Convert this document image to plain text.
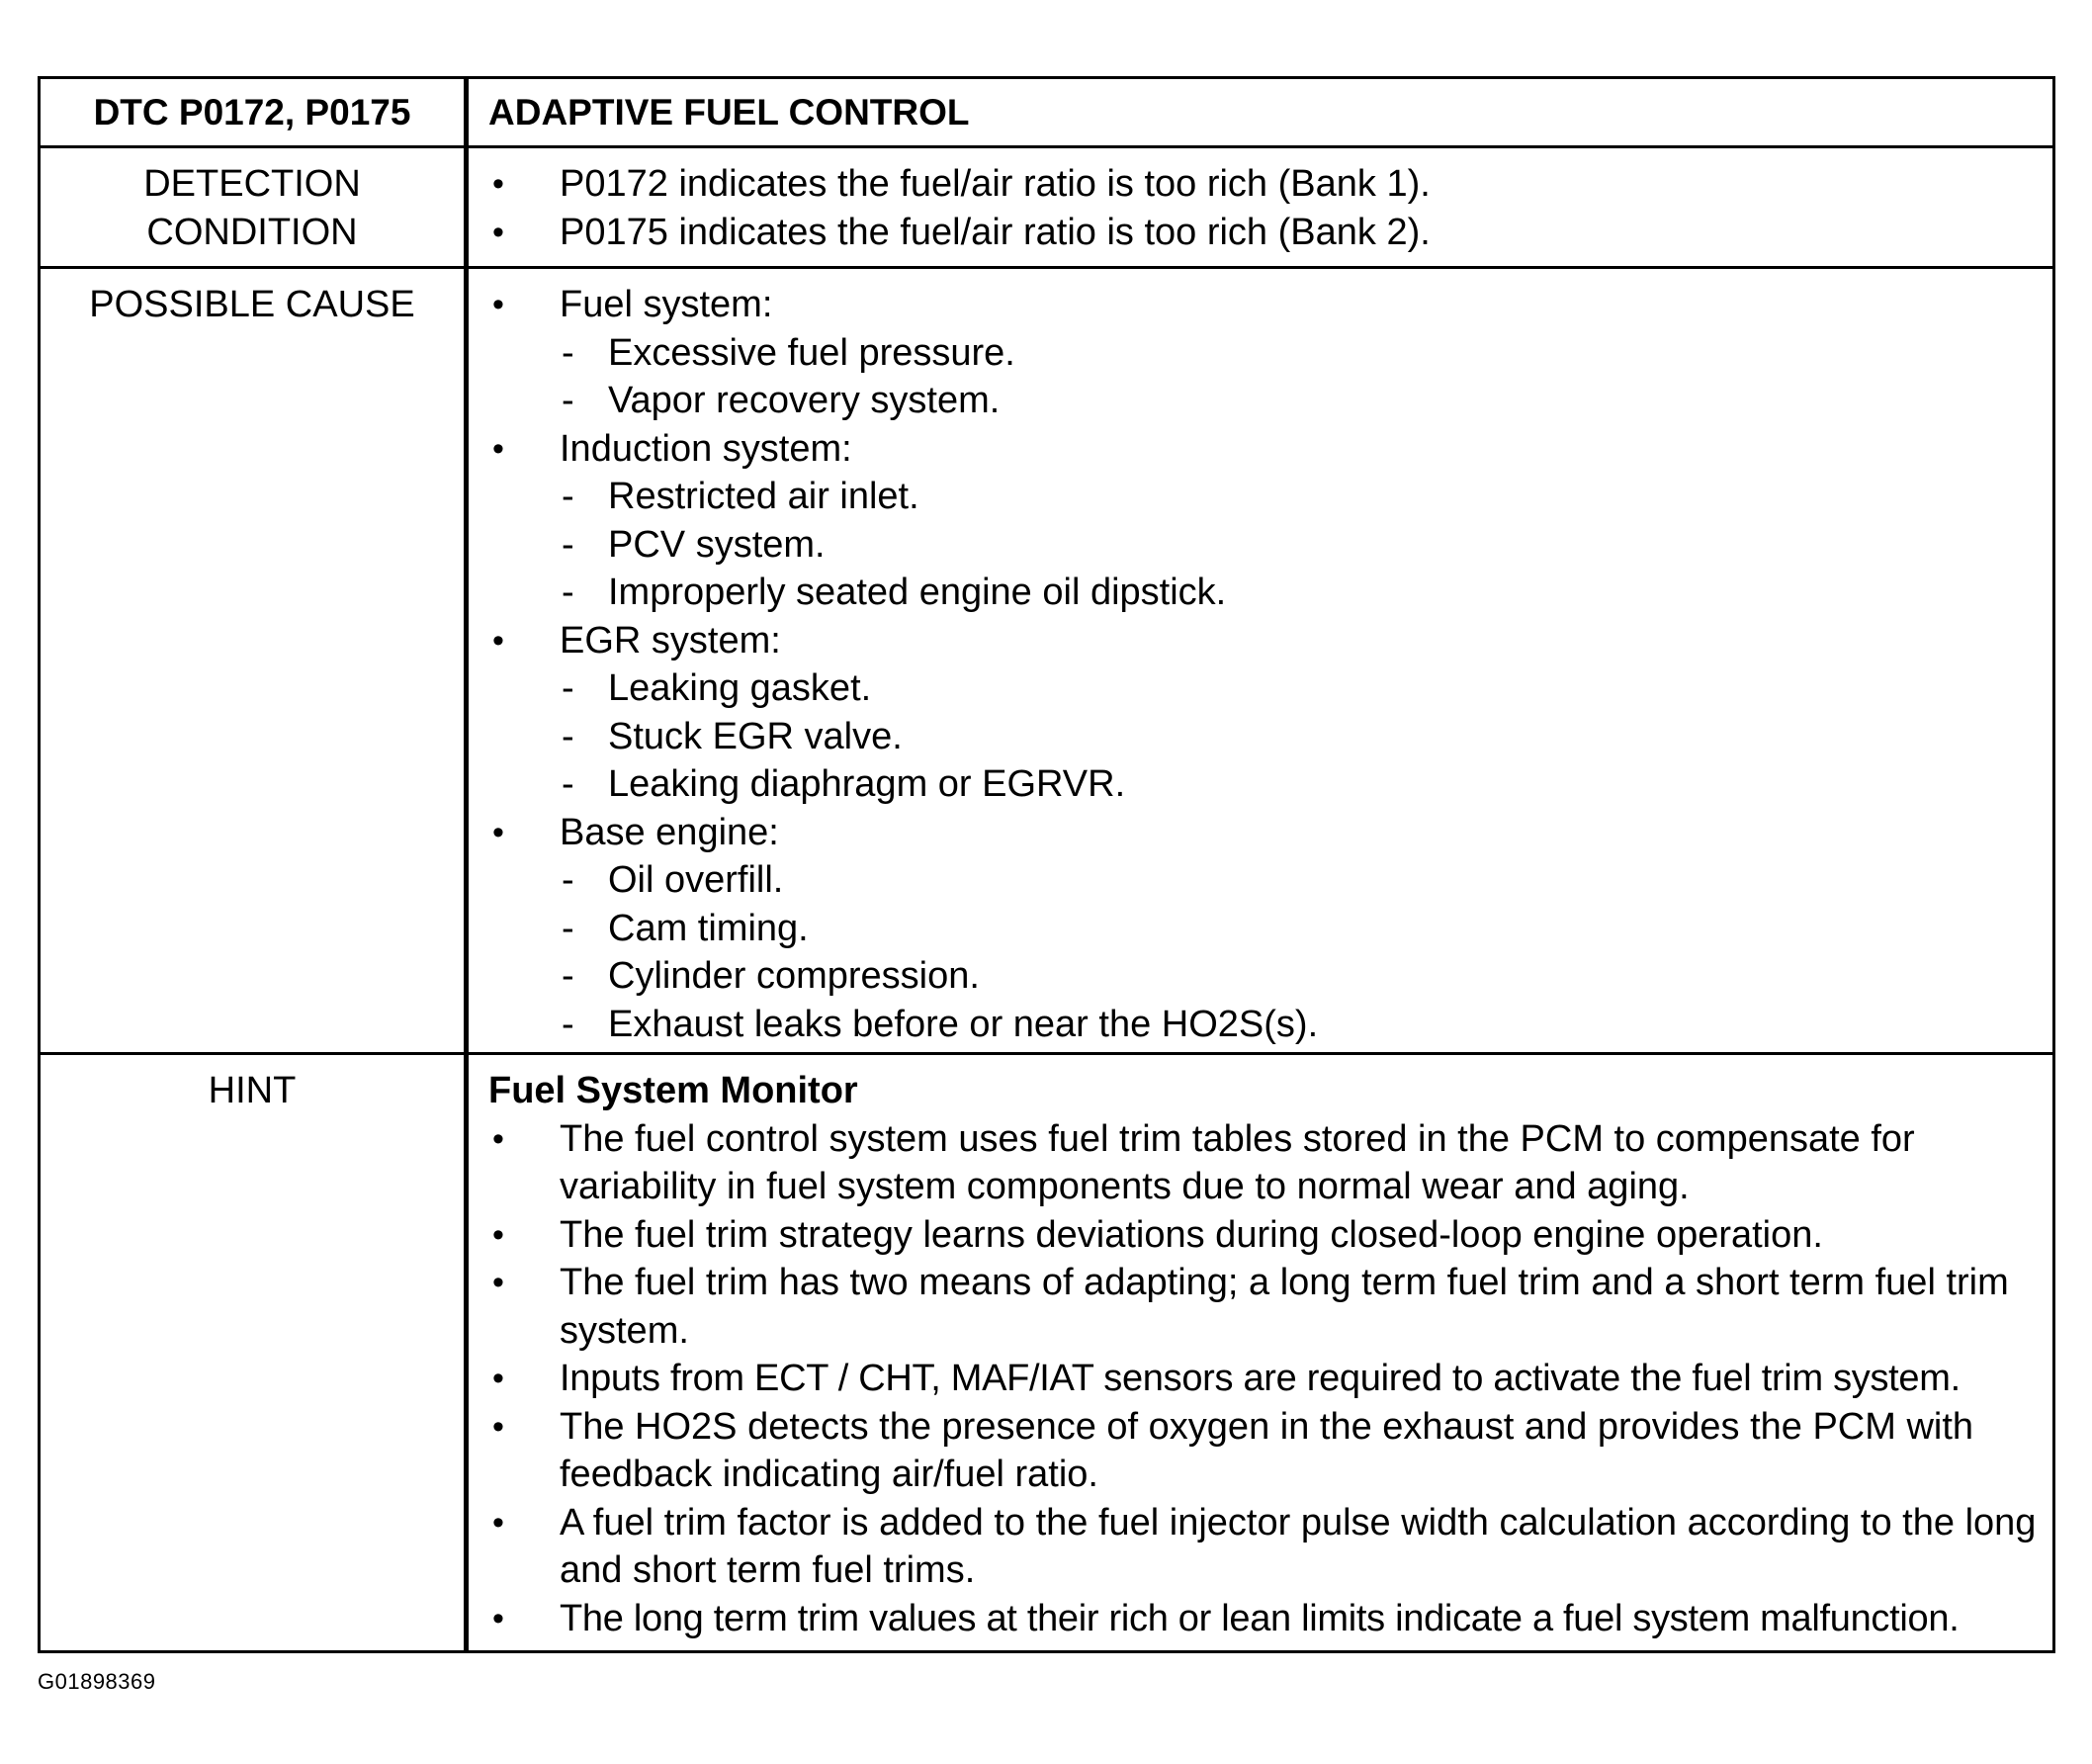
DTC P0172, P0175	ADAPTIVE FUEL CONTROL
DETECTION CONDITION
• P0172 indicates the fuel/air ratio is too rich (Bank 1).
• P0175 indicates the fuel/air ratio is too rich (Bank 2).
POSSIBLE CAUSE
•	Fuel system:
- Excessive fuel pressure.
- Vapor recovery system.
• Induction system:
- Restricted air inlet.
- PCV system.
- Improperly seated engine oil dipstick.
• EGR system:
- Leaking gasket.
- Stuck EGR valve.
- Leaking diaphragm or EGRVR.
• Base engine:
- Oil overfill.
- Cam timing.
- Cylinder compression.
- Exhaust leaks before or near the HO2S(s).
HINT	Fuel System Monitor
• The fuel control system uses fuel trim tables stored in the PCM to compensate for variability in fuel system components due to normal wear and aging.
• The fuel trim strategy learns deviations during closed-loop engine operation.
• The fuel trim has two means of adapting; a long term fuel trim and a short term fuel trim system.
• Inputs from ECT / CHT, MAF/IAT sensors are required to activate the fuel trim system.
• The HO2S detects the presence of oxygen in the exhaust and provides the PCM with feedback indicating air/fuel ratio.
• A fuel trim factor is added to the fuel injector pulse width calculation according to the long and short term fuel trims.
• The long term trim values at their rich or lean limits indicate a fuel system malfunction.
G01898369
